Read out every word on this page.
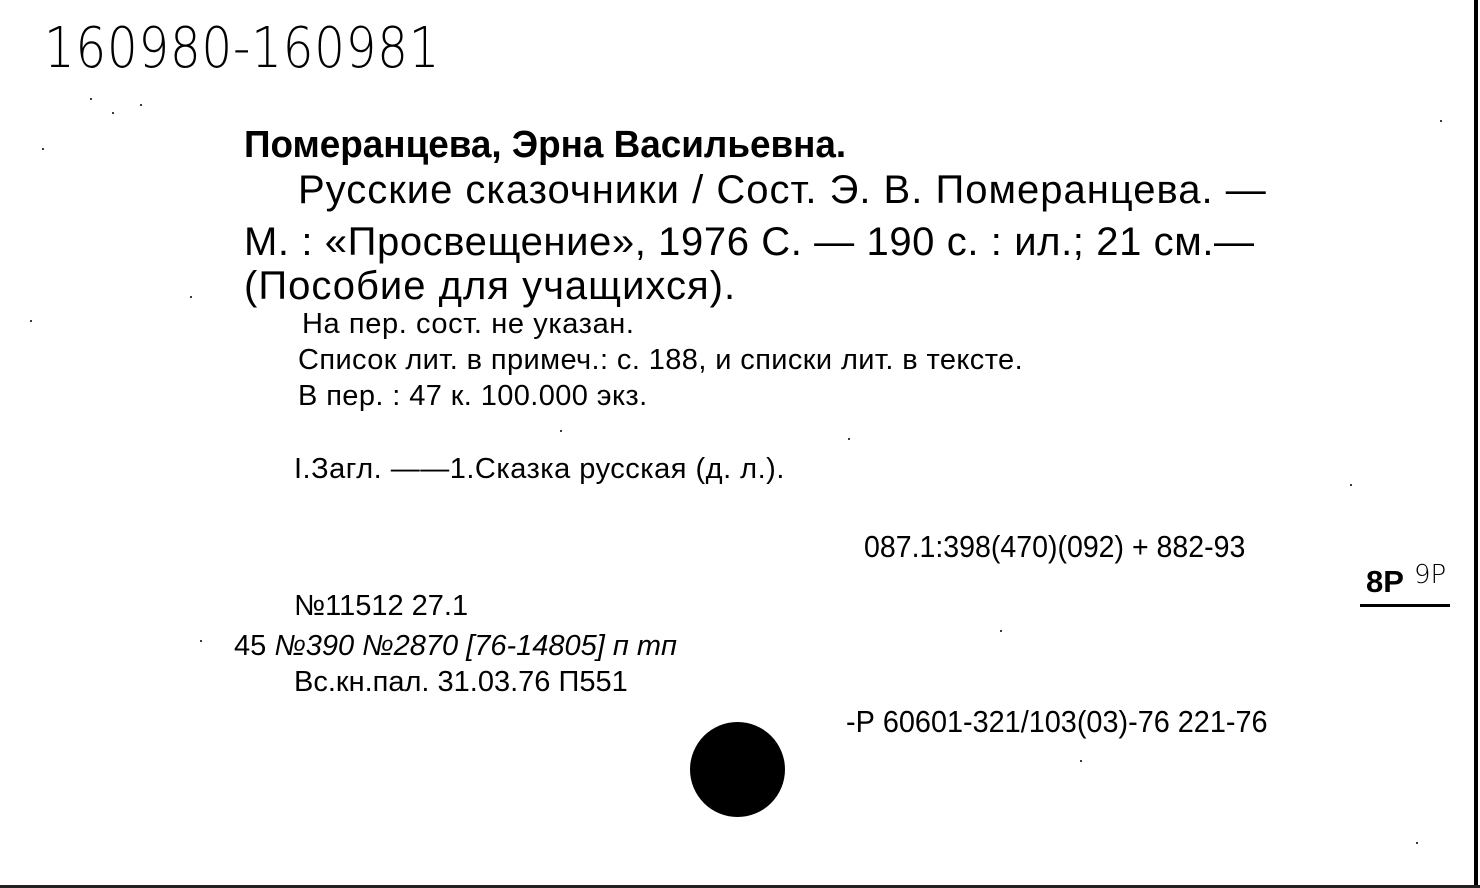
160980-160981
Померанцева, Эрна Васильевна.
Русские сказочники / Сост. Э. В. Померанцева. —
М. : «Просвещение», 1976 С. — 190 с. : ил.; 21 см.—
(Пособие для учащихся).
На пер. сост. не указан.
Список лит. в примеч.: с. 188, и списки лит. в тексте.
В пер. : 47 к. 100.000 экз.
I.Загл. ——1.Сказка русская (д. л.).
087.1:398(470)(092) + 882-93
8Р 9Р
№11512 27.1
45 №390 №2870 [76-14805] п тп
Вс.кн.пал. 31.03.76 П551
-Р 60601-321/103(03)-76 221-76
